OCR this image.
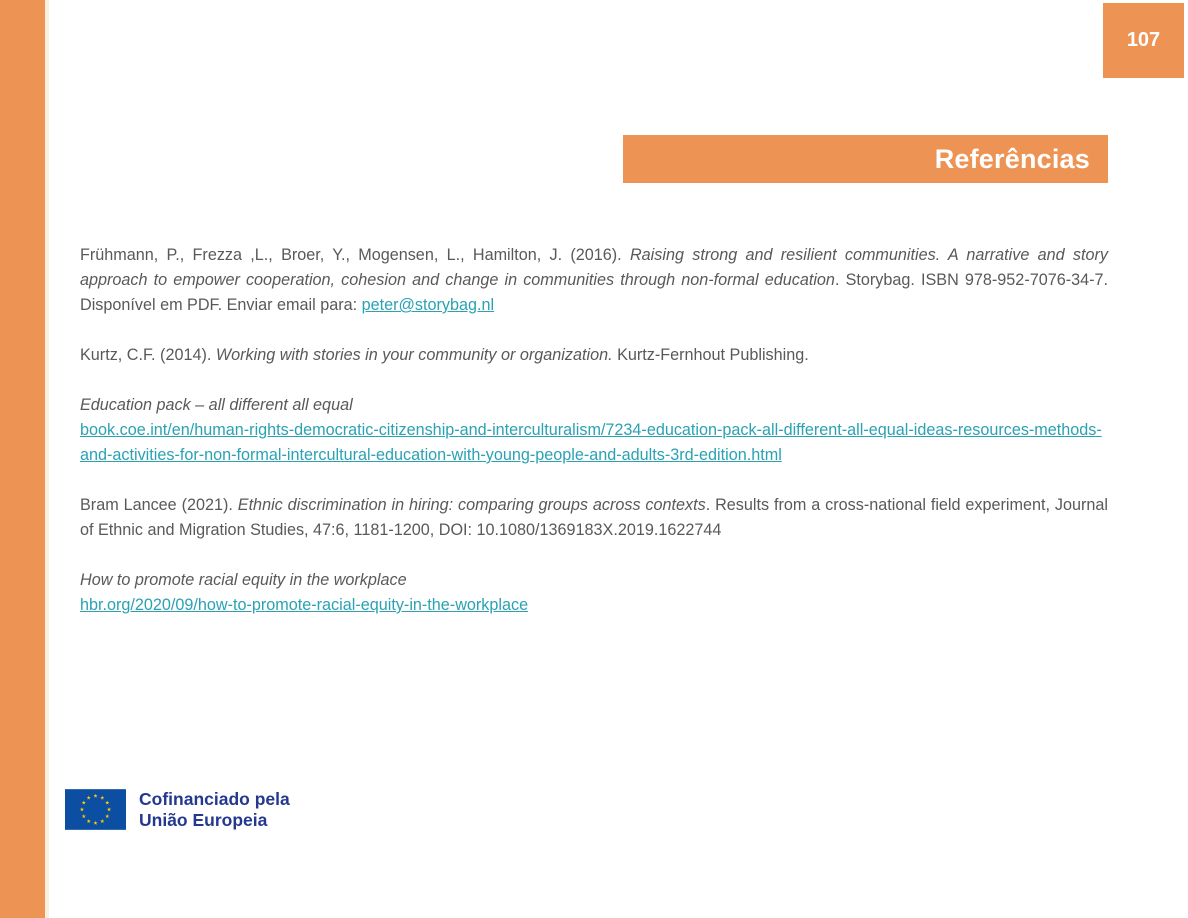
107
Referências

Frühmann, P., Frezza ,L., Broer, Y., Mogensen, L., Hamilton, J. (2016). Raising strong and resilient communities. A narrative and story approach to empower cooperation, cohesion and change in communities through non-formal education. Storybag. ISBN 978-952-7076-34-7. Disponível em PDF. Enviar email para: peter@storybag.nl

Kurtz, C.F. (2014). Working with stories in your community or organization. Kurtz-Fernhout Publishing.

Education pack – all different all equal
book.coe.int/en/human-rights-democratic-citizenship-and-interculturalism/7234-education-pack-all-different-all-equal-ideas-resources-methods-
and-activities-for-non-formal-intercultural-education-with-young-people-and-adults-3rd-edition.html

Bram Lancee (2021). Ethnic discrimination in hiring: comparing groups across contexts. Results from a cross-national field experiment, Journal of Ethnic and Migration Studies, 47:6, 1181-1200, DOI: 10.1080/1369183X.2019.1622744

How to promote racial equity in the workplace
hbr.org/2020/09/how-to-promote-racial-equity-in-the-workplace

Cofinanciado pela
União Europeia
